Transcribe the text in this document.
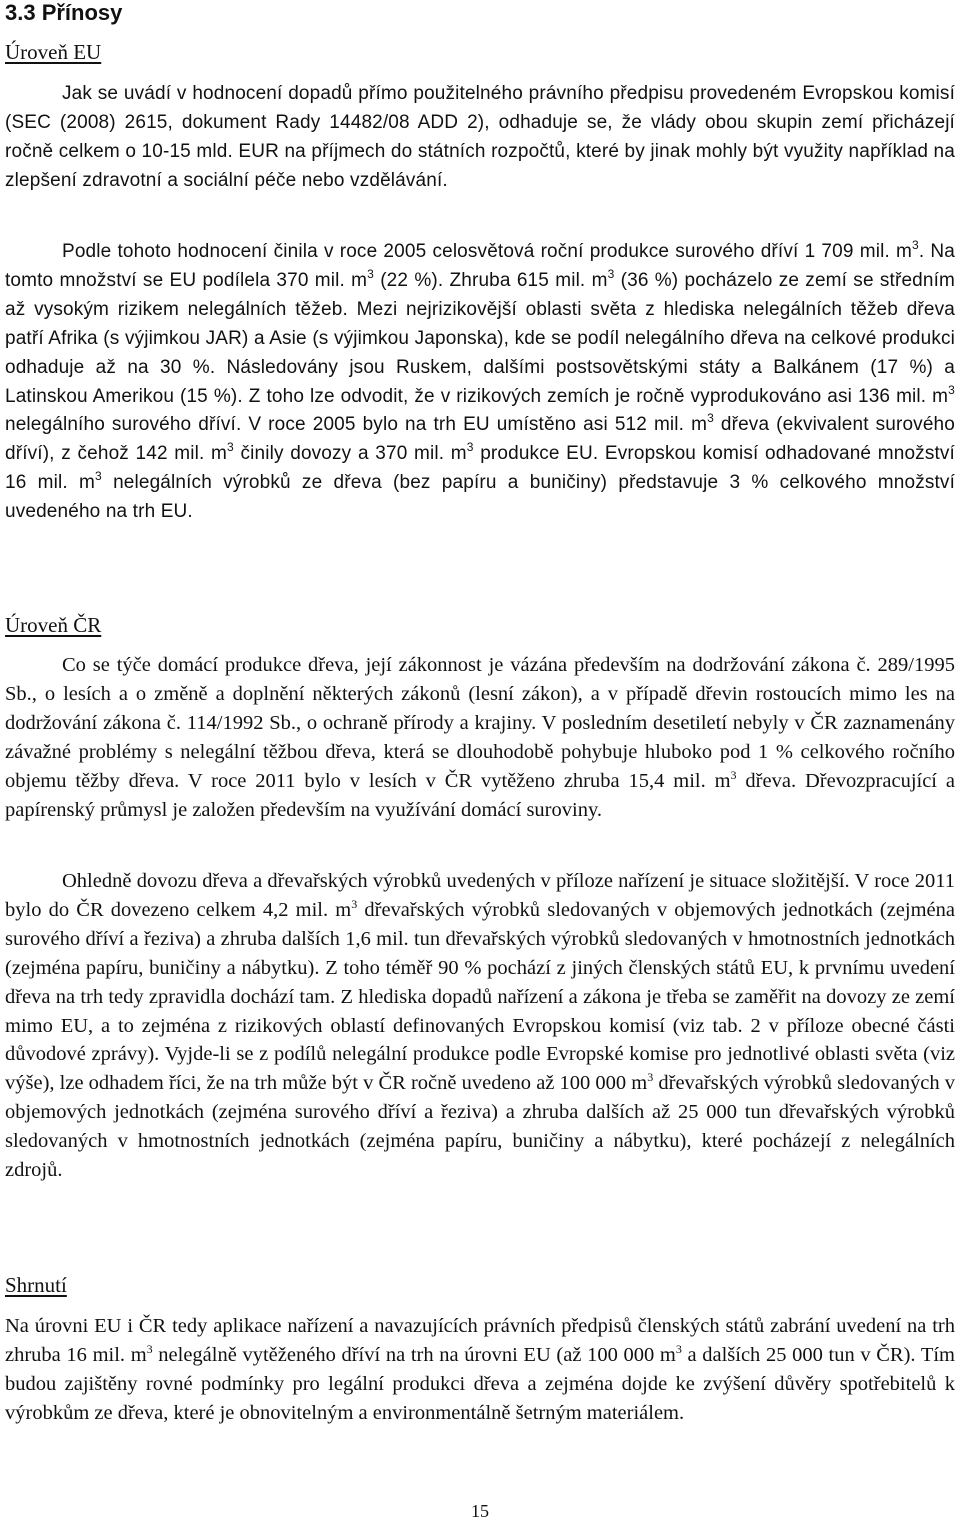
3.3 Přínosy
Úroveň EU

Jak se uvádí v hodnocení dopadů přímo použitelného právního předpisu provedeném Evropskou komisí (SEC (2008) 2615, dokument Rady 14482/08 ADD 2), odhaduje se, že vlády obou skupin zemí přicházejí ročně celkem o 10-15 mld. EUR na příjmech do státních rozpočtů, které by jinak mohly být využity například na zlepšení zdravotní a sociální péče nebo vzdělávání.

Podle tohoto hodnocení činila v roce 2005 celosvětová roční produkce surového dříví 1 709 mil. $m^3$. Na tomto množství se EU podílela 370 mil. $m^3$ (22 %). Zhruba 615 mil. $m^3$ (36 %) pocházelo ze zemí se středním až vysokým rizikem nelegálních těžeb. Mezi nejrizikovější oblasti světa z hlediska nelegálních těžeb dřeva patří Afrika (s výjimkou JAR) a Asie (s výjimkou Japonska), kde se podíl nelegálního dřeva na celkové produkci odhaduje až na 30 %. Následovány jsou Ruskem, dalšími postsovětskými státy a Balkánem (17 %) a Latinskou Amerikou (15 %). Z toho lze odvodit, že v rizikových zemích je ročně vyprodukováno asi 136 mil. $m^3$ nelegálního surového dříví. V roce 2005 bylo na trh EU umístěno asi 512 mil. $m^3$ dřeva (ekvivalent surového dříví), z čehož 142 mil. $m^3$ činily dovozy a 370 mil. $m^3$ produkce EU. Evropskou komisí odhadované množství 16 mil. $m^3$ nelegálních výrobků ze dřeva (bez papíru a buničiny) představuje 3 % celkového množství uvedeného na trh EU.

Úroveň ČR

Co se týče domácí produkce dřeva, její zákonnost je vázána především na dodržování zákona č. 289/1995 Sb., o lesích a o změně a doplnění některých zákonů (lesní zákon), a v případě dřevin rostoucích mimo les na dodržování zákona č. 114/1992 Sb., o ochraně přírody a krajiny. V posledním desetiletí nebyly v ČR zaznamenány závažné problémy s nelegální těžbou dřeva, která se dlouhodobě pohybuje hluboko pod 1 % celkového ročního objemu těžby dřeva. V roce 2011 bylo v lesích v ČR vytěženo zhruba 15,4 mil. $m^3$ dřeva. Dřevozpracující a papírenský průmysl je založen především na využívání domácí suroviny.

Ohledně dovozu dřeva a dřevařských výrobků uvedených v příloze nařízení je situace složitější. V roce 2011 bylo do ČR dovezeno celkem 4,2 mil. $m^3$ dřevařských výrobků sledovaných v objemových jednotkách (zejména surového dříví a řeziva) a zhruba dalších 1,6 mil. tun dřevařských výrobků sledovaných v hmotnostních jednotkách (zejména papíru, buničiny a nábytku). Z toho téměř 90 % pochází z jiných členských států EU, k prvnímu uvedení dřeva na trh tedy zpravidla dochází tam. Z hlediska dopadů nařízení a zákona je třeba se zaměřit na dovozy ze zemí mimo EU, a to zejména z rizikových oblastí definovaných Evropskou komisí (viz tab. 2 v příloze obecné části důvodové zprávy). Vyjde-li se z podílů nelegální produkce podle Evropské komise pro jednotlivé oblasti světa (viz výše), lze odhadem říci, že na trh může být v ČR ročně uvedeno až 100 000 $m^3$ dřevařských výrobků sledovaných v objemových jednotkách (zejména surového dříví a řeziva) a zhruba dalších až 25 000 tun dřevařských výrobků sledovaných v hmotnostních jednotkách (zejména papíru, buničiny a nábytku), které pocházejí z nelegálních zdrojů.

Shrnutí

Na úrovni EU i ČR tedy aplikace nařízení a navazujících právních předpisů členských států zabrání uvedení na trh zhruba 16 mil. $m^3$ nelegálně vytěženého dříví na trh na úrovni EU (až 100 000 $m^3$ a dalších 25 000 tun v ČR). Tím budou zajištěny rovné podmínky pro legální produkci dřeva a zejména dojde ke zvýšení důvěry spotřebitelů k výrobkům ze dřeva, které je obnovitelným a environmentálně šetrným materiálem.

15
